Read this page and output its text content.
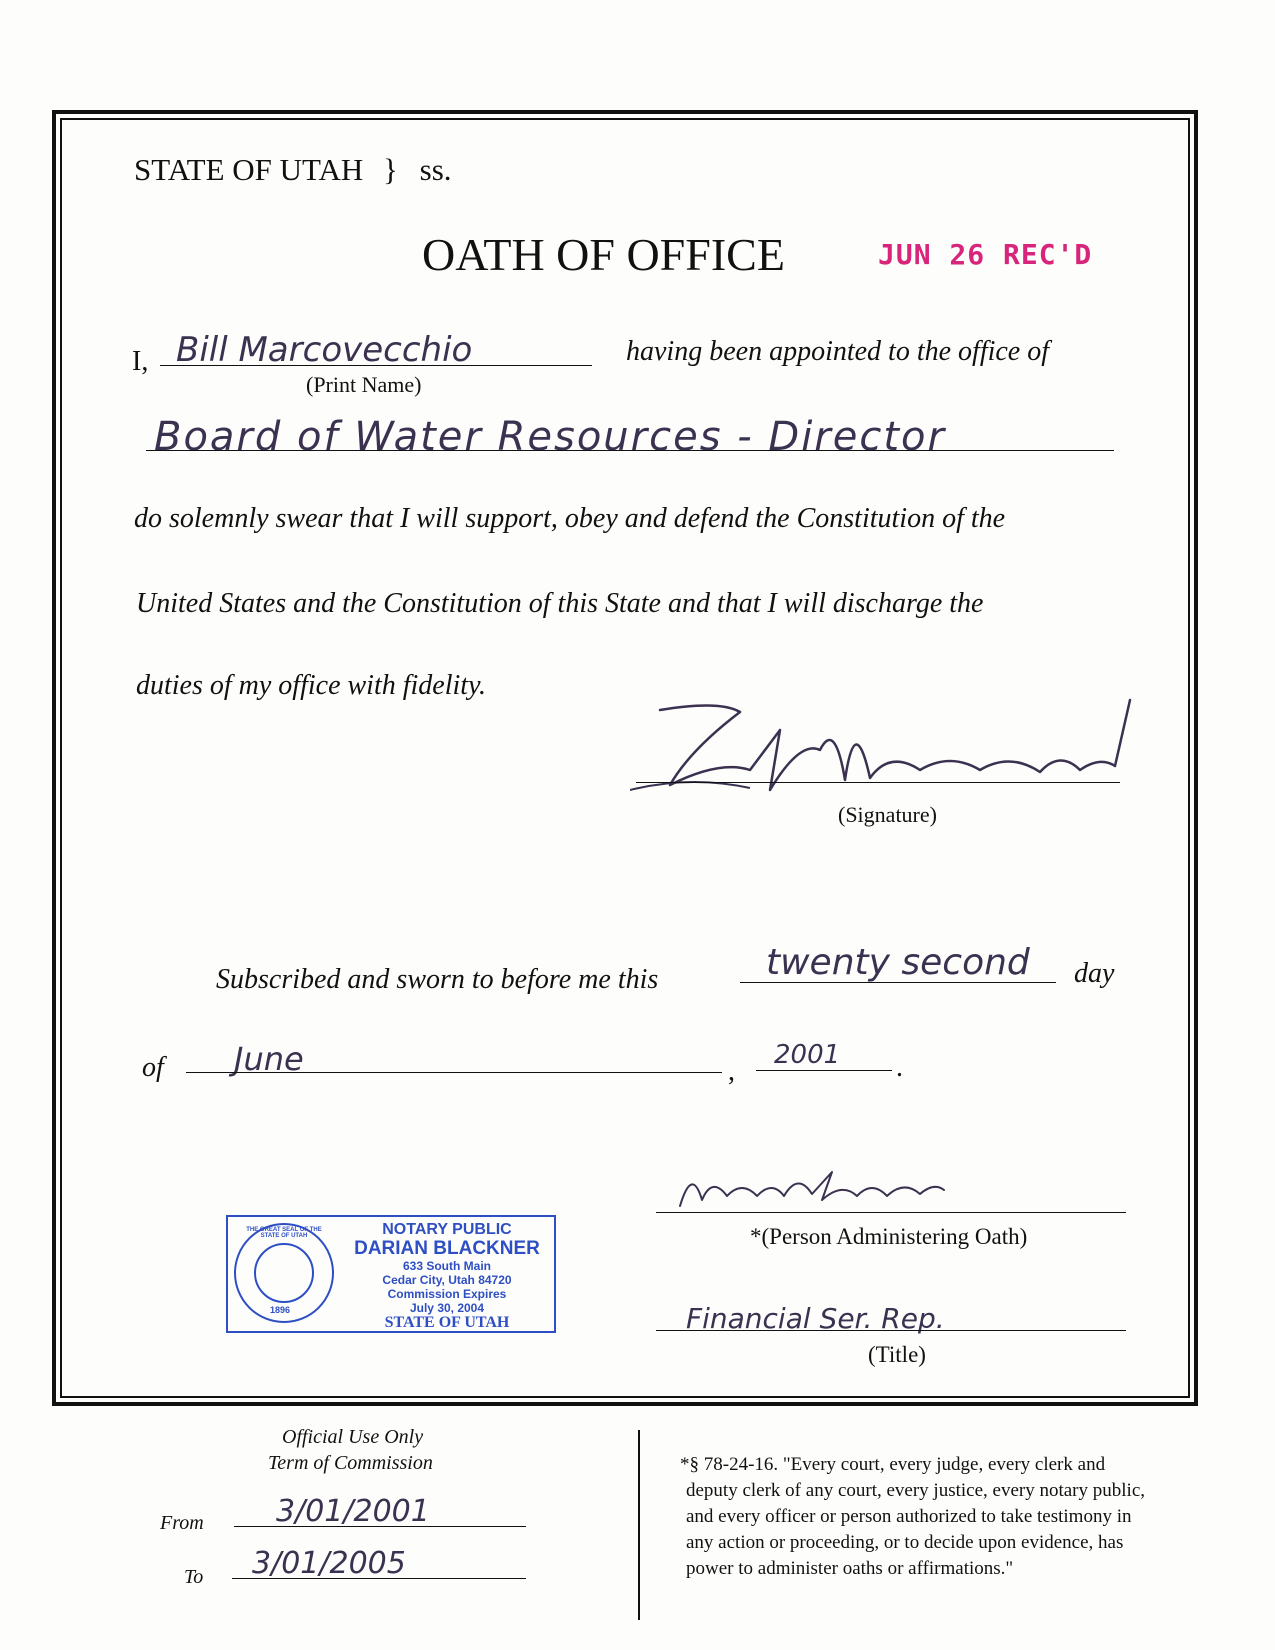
STATE OF UTAH } ss.
OATH OF OFFICE	JUN 26 REC'D
I, Bill Marcovecchio	having been appointed to the office of
(Print Name)
Board of Water Resources - Director
do solemnly swear that I will support, obey and defend the Constitution of the
United States and the Constitution of this State and that I will discharge the
duties of my office with fidelity.
(Signature)
Subscribed and sworn to before me this	twenty second day
of June	,
2001 .
*(Person Administering Oath)
Financial Ser. Rep.
(Title)
THE GREAT SEAL OF THE STATE OF UTAH
1896
NOTARY PUBLIC
DARIAN BLACKNER
633 South Main
Cedar City, Utah 84720
Commission Expires
July 30, 2004
STATE OF UTAH
Official Use Only
Term of Commission
From 3/01/2001
To 3/01/2005
*§ 78-24-16. "Every court, every judge, every clerk and
deputy clerk of any court, every justice, every notary public,
and every officer or person authorized to take testimony in
any action or proceeding, or to decide upon evidence, has
power to administer oaths or affirmations."
